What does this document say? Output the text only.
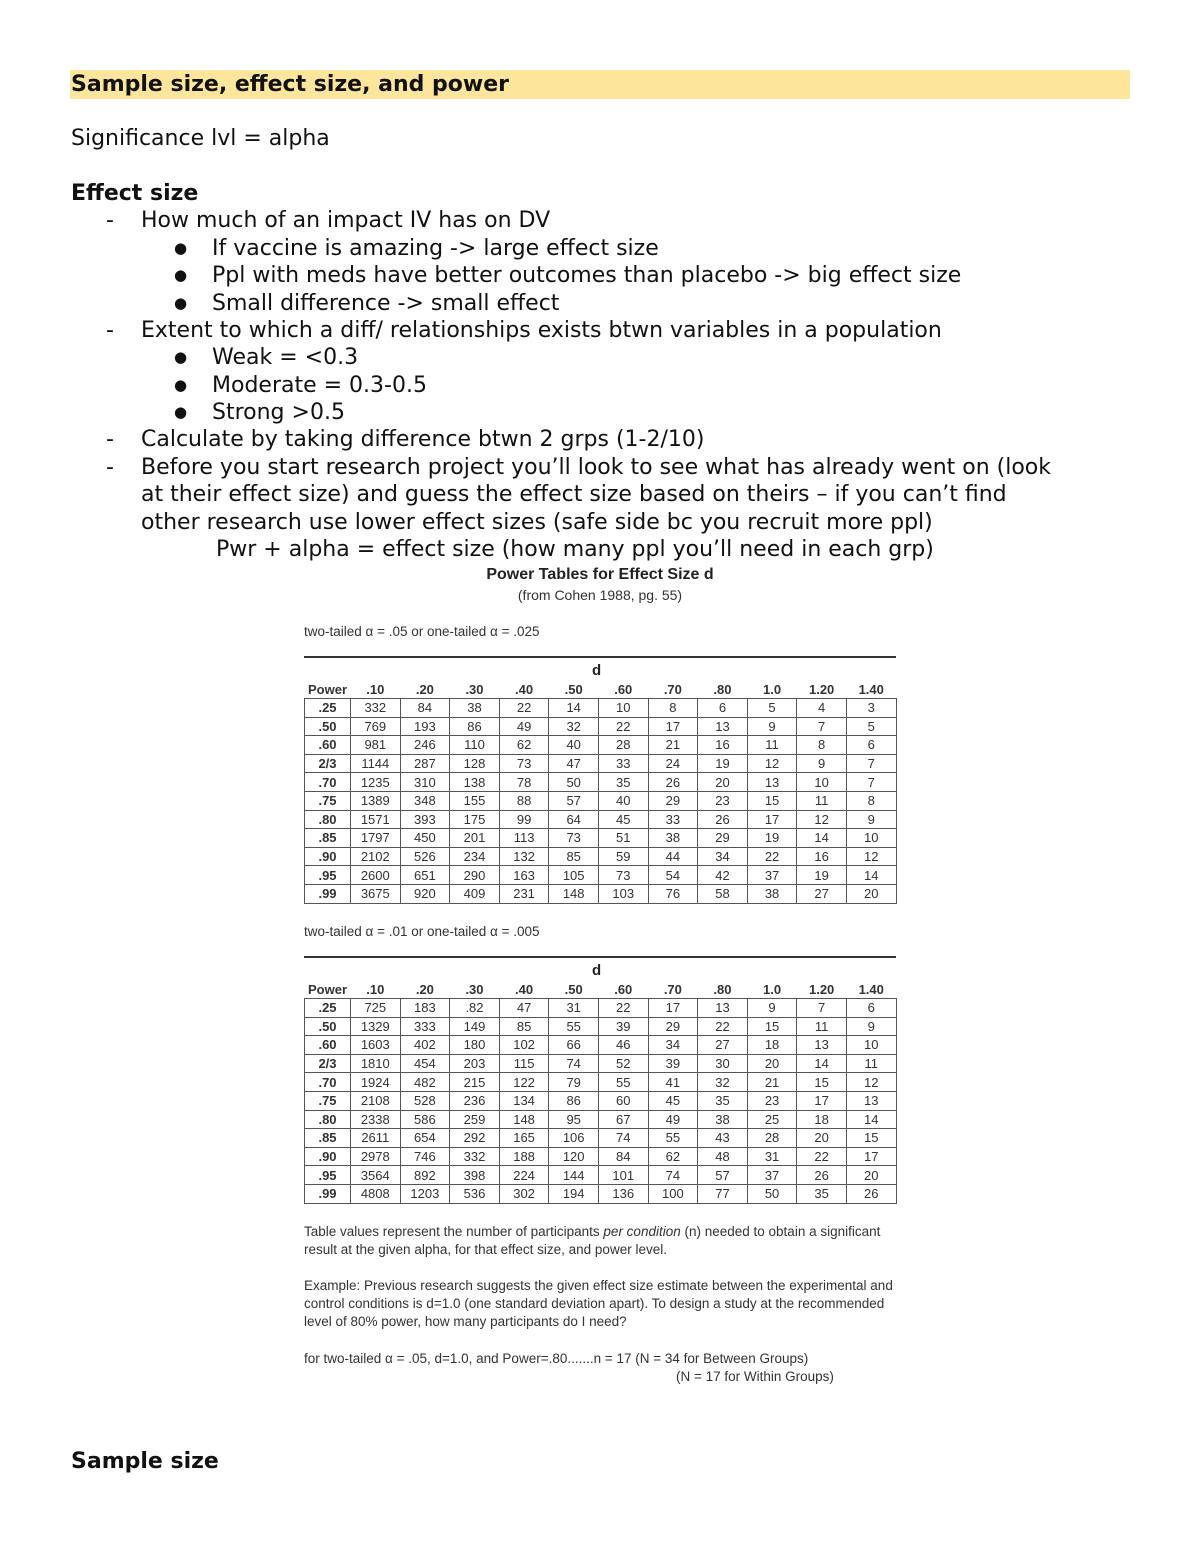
Sample size, effect size, and power
Significance lvl = alpha
Effect size
- How much of an impact IV has on DV
● If vaccine is amazing -> large effect size
● Ppl with meds have better outcomes than placebo -> big effect size
● Small difference -> small effect
- Extent to which a diff/ relationships exists btwn variables in a population
● Weak = <0.3
● Moderate = 0.3-0.5
● Strong >0.5
- Calculate by taking difference btwn 2 grps (1-2/10)
- Before you start research project you’ll look to see what has already went on (look
at their effect size) and guess the effect size based on theirs – if you can’t find
other research use lower effect sizes (safe side bc you recruit more ppl)
Pwr + alpha = effect size (how many ppl you’ll need in each grp)
Power Tables for Effect Size d
(from Cohen 1988, pg. 55)
two-tailed α = .05 or one-tailed α = .025
d
Power	.10	.20	.30	.40	.50	.60	.70	.80	1.0	1.20	1.40
.25	332	84	38	22	14	10	8	6	5	4	3
.50	769	193	86	49	32	22	17	13	9	7	5
.60	981	246	110	62	40	28	21	16	11	8	6
2/3	1144	287	128	73	47	33	24	19	12	9	7
.70	1235	310	138	78	50	35	26	20	13	10	7
.75	1389	348	155	88	57	40	29	23	15	11	8
.80	1571	393	175	99	64	45	33	26	17	12	9
.85	1797	450	201	113	73	51	38	29	19	14	10
.90	2102	526	234	132	85	59	44	34	22	16	12
.95	2600	651	290	163	105	73	54	42	37	19	14
.99	3675	920	409	231	148	103	76	58	38	27	20
two-tailed α = .01 or one-tailed α = .005
d
Power	.10	.20	.30	.40	.50	.60	.70	.80	1.0	1.20	1.40
.25	725	183	.82	47	31	22	17	13	9	7	6
.50	1329	333	149	85	55	39	29	22	15	11	9
.60	1603	402	180	102	66	46	34	27	18	13	10
2/3	1810	454	203	115	74	52	39	30	20	14	11
.70	1924	482	215	122	79	55	41	32	21	15	12
.75	2108	528	236	134	86	60	45	35	23	17	13
.80	2338	586	259	148	95	67	49	38	25	18	14
.85	2611	654	292	165	106	74	55	43	28	20	15
.90	2978	746	332	188	120	84	62	48	31	22	17
.95	3564	892	398	224	144	101	74	57	37	26	20
.99	4808	1203	536	302	194	136	100	77	50	35	26
Table values represent the number of participants per condition (n) needed to obtain a significant result at the given alpha, for that effect size, and power level.
Example: Previous research suggests the given effect size estimate between the experimental and control conditions is d=1.0 (one standard deviation apart). To design a study at the recommended level of 80% power, how many participants do I need?
for two-tailed α = .05, d=1.0, and Power=.80.......n = 17 (N = 34 for Between Groups)
(N = 17 for Within Groups)
Sample size
